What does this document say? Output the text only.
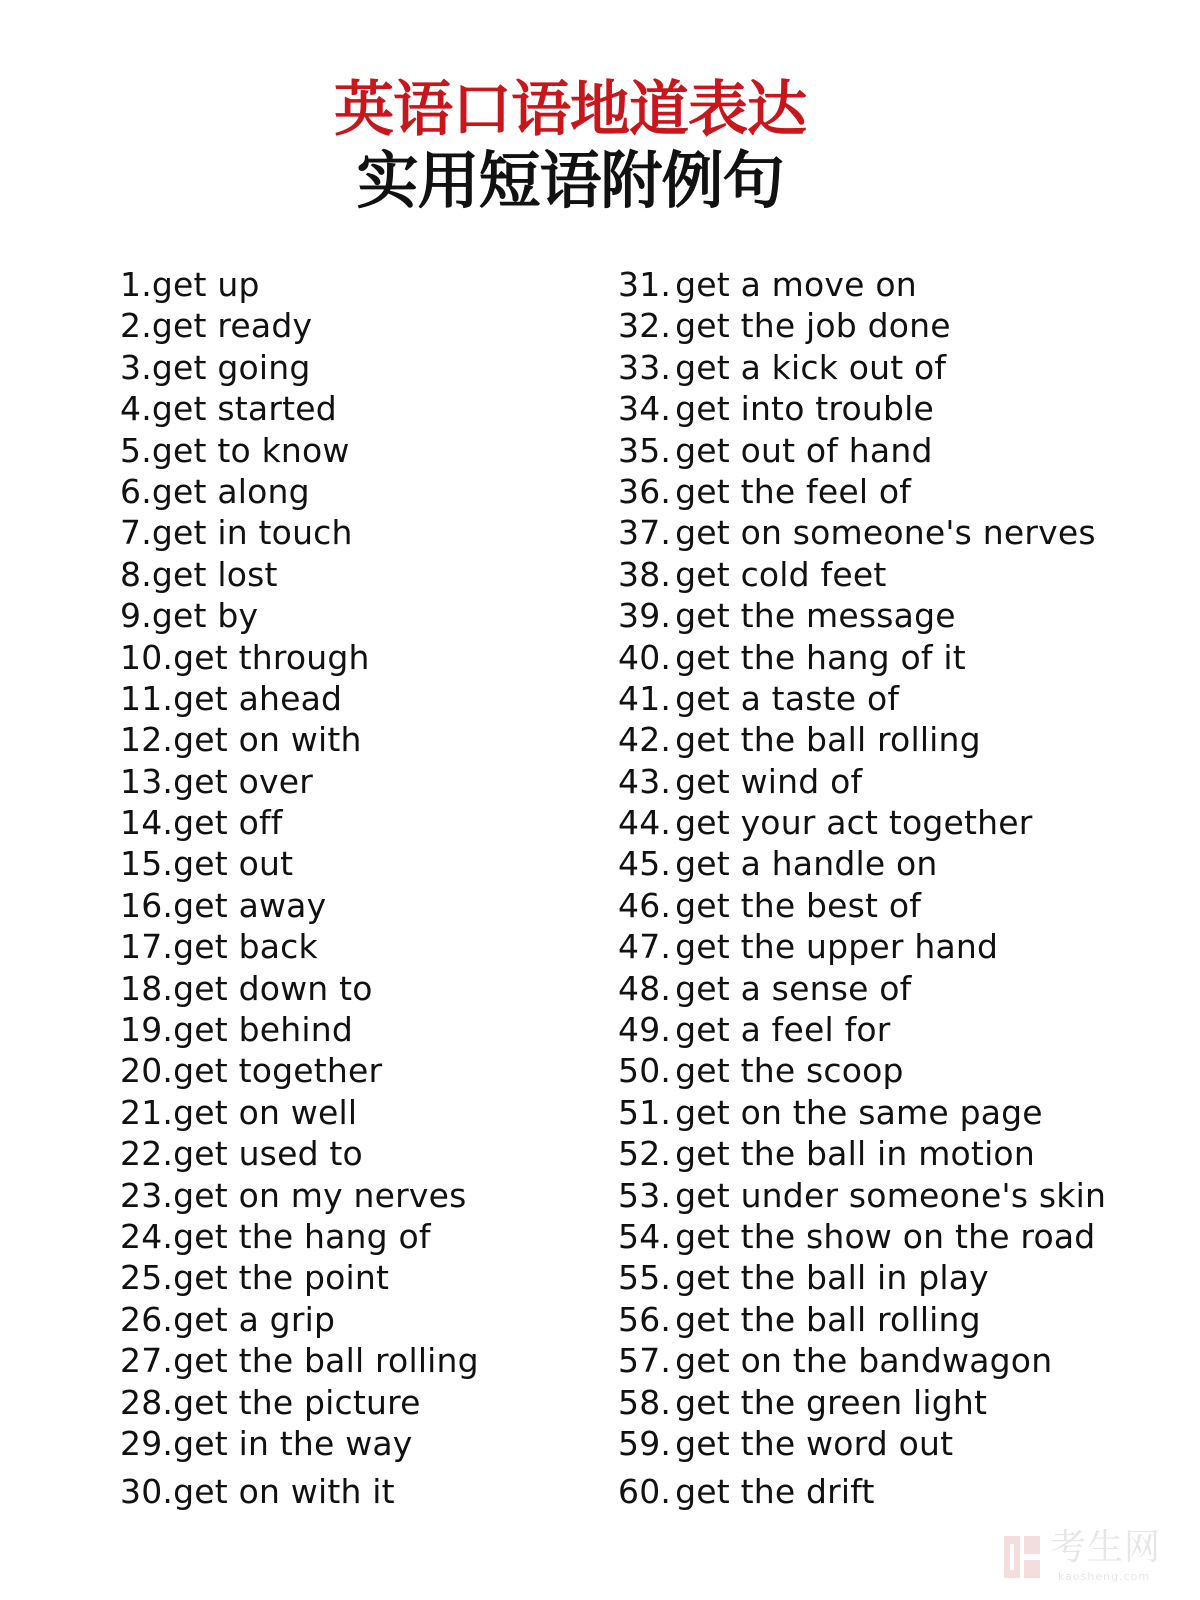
英语口语地道表达
实用短语附例句
1.get up
2.get ready
3.get going
4.get started
5.get to know
6.get along
7.get in touch
8.get lost
9.get by
10.get through
11.get ahead
12.get on with
13.get over
14.get off
15.get out
16.get away
17.get back
18.get down to
19.get behind
20.get together
21.get on well
22.get used to
23.get on my nerves
24.get the hang of
25.get the point
26.get a grip
27.get the ball rolling
28.get the picture
29.get in the way
30.get on with it
31. get a move on
32. get the job done
33. get a kick out of
34. get into trouble
35. get out of hand
36. get the feel of
37. get on someone's nerves
38. get cold feet
39. get the message
40. get the hang of it
41. get a taste of
42. get the ball rolling
43. get wind of
44. get your act together
45. get a handle on
46. get the best of
47. get the upper hand
48. get a sense of
49. get a feel for
50. get the scoop
51. get on the same page
52. get the ball in motion
53. get under someone's skin
54. get the show on the road
55. get the ball in play
56. get the ball rolling
57. get on the bandwagon
58. get the green light
59. get the word out
60. get the drift
考生网
kaosheng.com
